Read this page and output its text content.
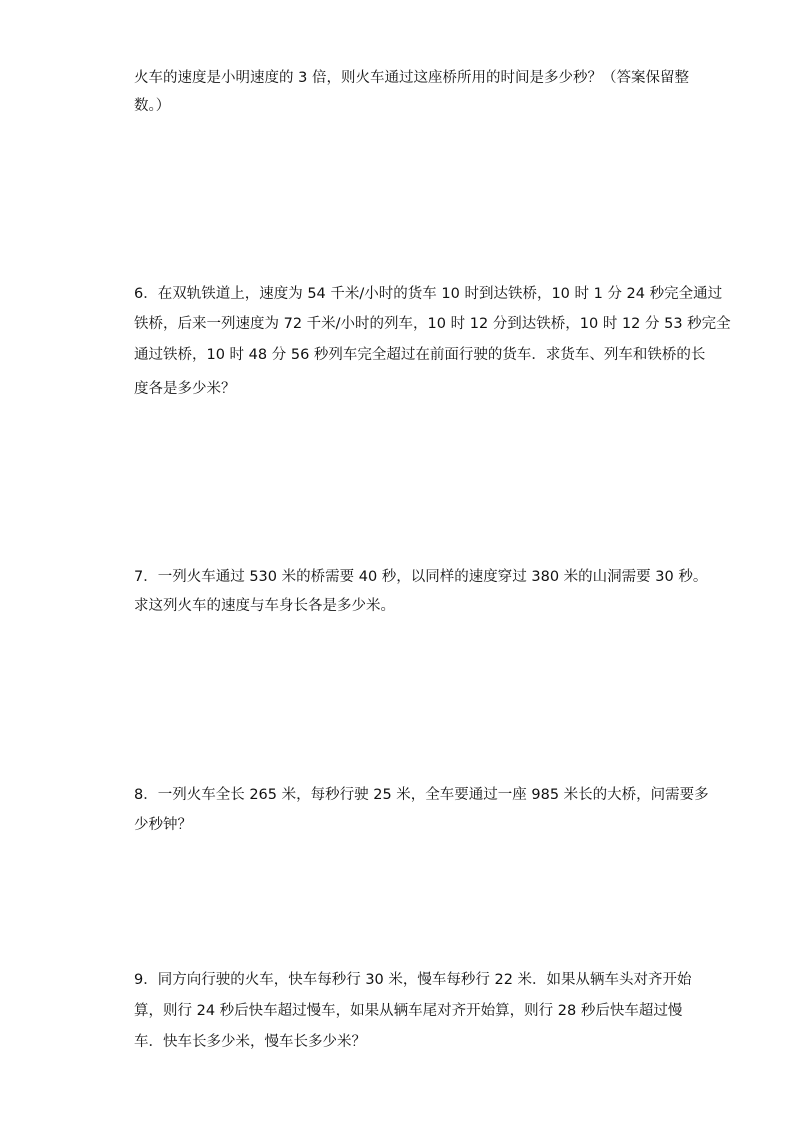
火车的速度是小明速度的 3 倍，则火车通过这座桥所用的时间是多少秒？（答案保留整
数。）
6．在双轨铁道上，速度为 54 千米/小时的货车 10 时到达铁桥，10 时 1 分 24 秒完全通过
铁桥，后来一列速度为 72 千米/小时的列车，10 时 12 分到达铁桥，10 时 12 分 53 秒完全
通过铁桥，10 时 48 分 56 秒列车完全超过在前面行驶的货车．求货车、列车和铁桥的长
度各是多少米？
7．一列火车通过 530 米的桥需要 40 秒，以同样的速度穿过 380 米的山洞需要 30 秒。
求这列火车的速度与车身长各是多少米。
8．一列火车全长 265 米，每秒行驶 25 米，全车要通过一座 985 米长的大桥，问需要多
少秒钟？
9．同方向行驶的火车，快车每秒行 30 米，慢车每秒行 22 米．如果从辆车头对齐开始
算，则行 24 秒后快车超过慢车，如果从辆车尾对齐开始算，则行 28 秒后快车超过慢
车．快车长多少米，慢车长多少米？
